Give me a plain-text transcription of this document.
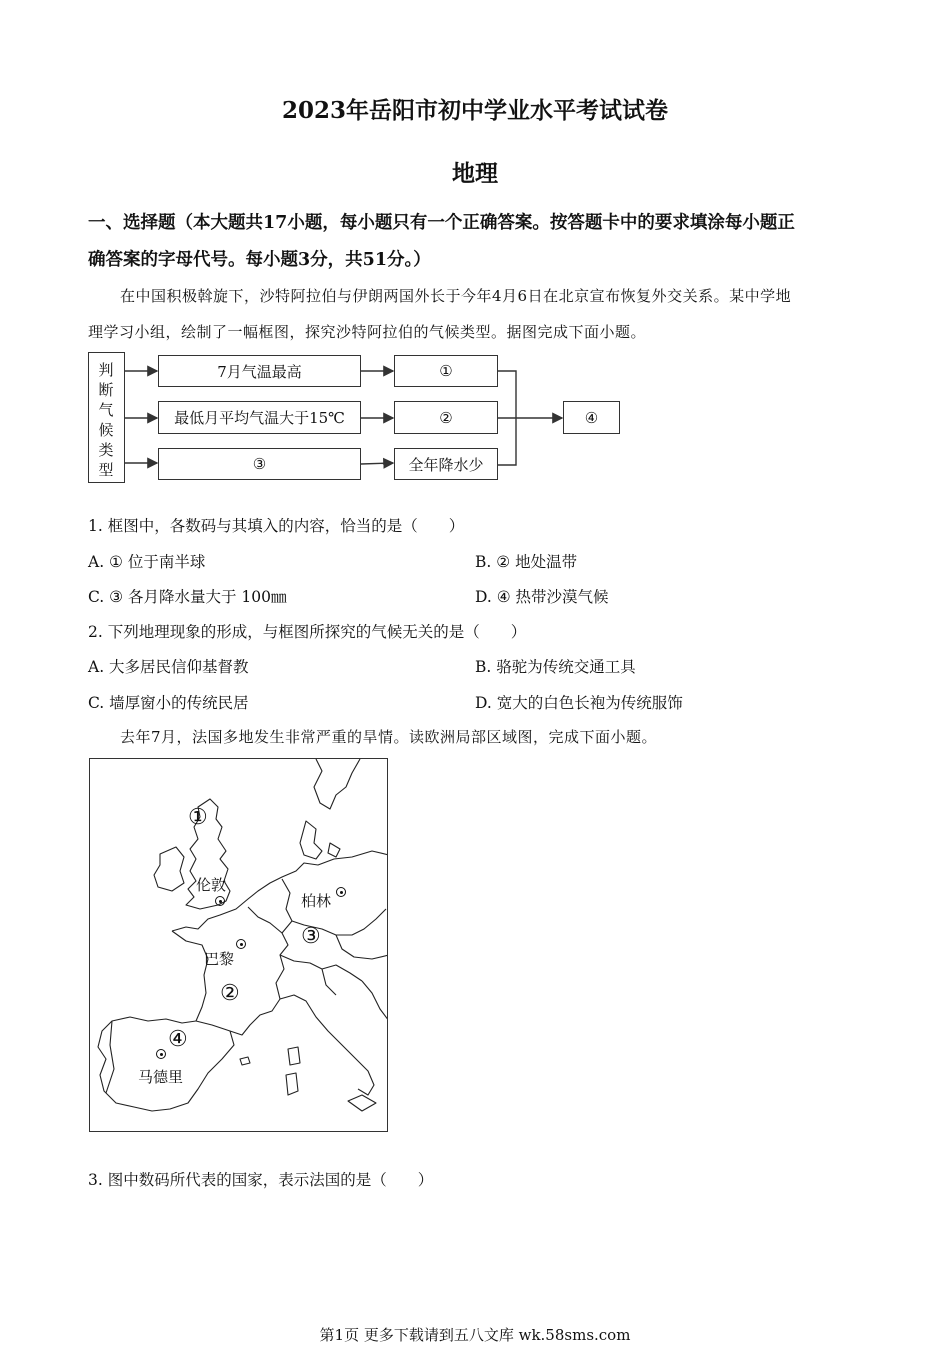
2023年岳阳市初中学业水平考试试卷
地理
一、选择题（本大题共17小题，每小题只有一个正确答案。按答题卡中的要求填涂每小题正
确答案的字母代号。每小题3分，共51分。）
在中国积极斡旋下，沙特阿拉伯与伊朗两国外长于今年4月6日在北京宣布恢复外交关系。某中学地
理学习小组，绘制了一幅框图，探究沙特阿拉伯的气候类型。据图完成下面小题。
判
断
气
候
类
型
7月气温最高	①
最低月平均气温大于15℃	②
③	全年降水少
④
1. 框图中，各数码与其填入的内容，恰当的是（　　）
A. ① 位于南半球	B. ② 地处温带
C. ③ 各月降水量大于 100㎜	D. ④ 热带沙漠气候
2. 下列地理现象的形成，与框图所探究的气候无关的是（　　）
A. 大多居民信仰基督教	B. 骆驼为传统交通工具
C. 墙厚窗小的传统民居	D. 宽大的白色长袍为传统服饰
去年7月，法国多地发生非常严重的旱情。读欧洲局部区域图，完成下面小题。
①
伦敦
柏林
③
巴黎
②
④
马德里
3. 图中数码所代表的国家，表示法国的是（　　）
第1页 更多下载请到五八文库 wk.58sms.com
